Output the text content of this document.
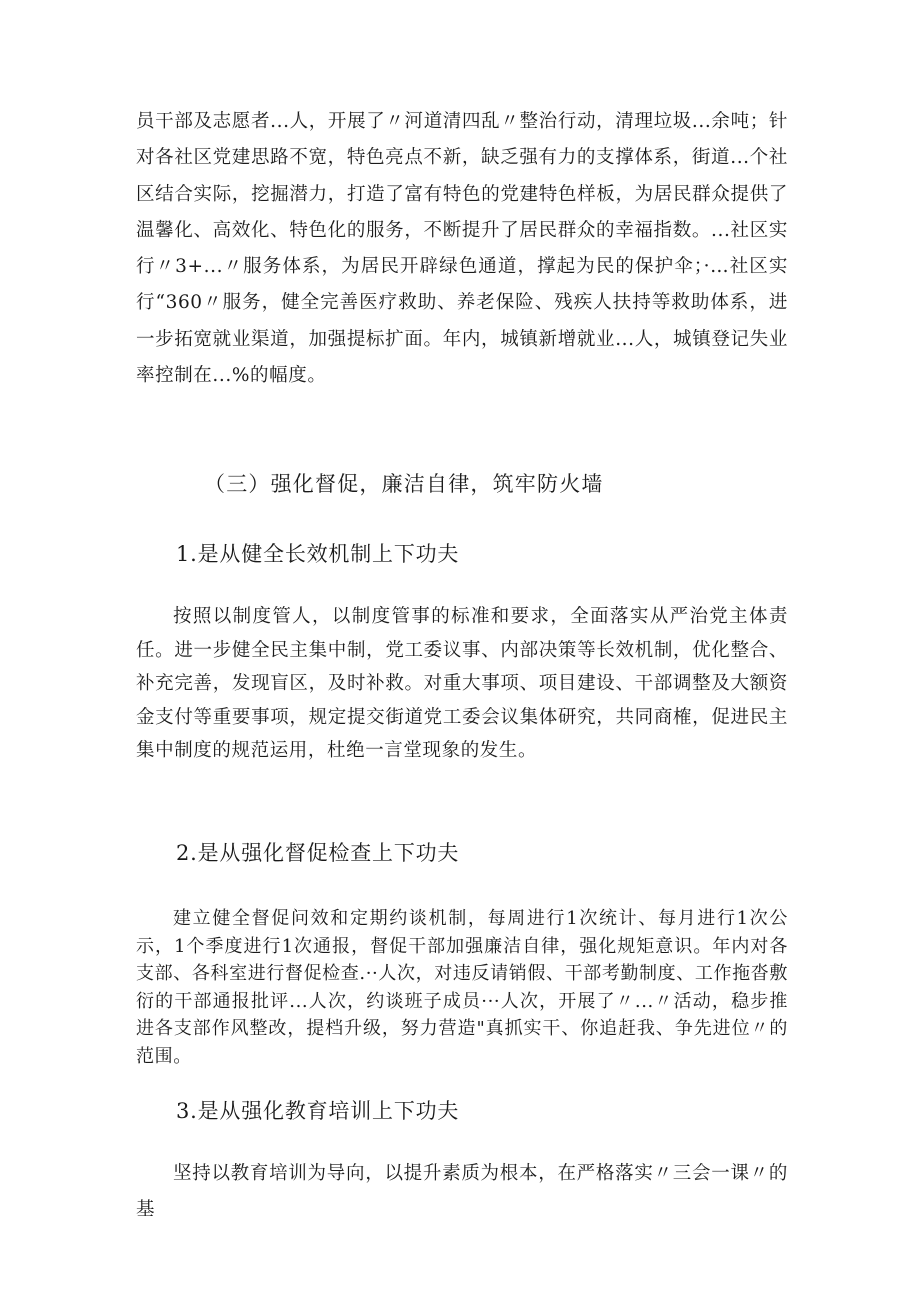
员干部及志愿者...人，开展了〃河道清四乱〃整治行动，清理垃圾...余吨；针对各社区党建思路不宽，特色亮点不新，缺乏强有力的支撑体系，街道...个社区结合实际，挖掘潜力，打造了富有特色的党建特色样板，为居民群众提供了温馨化、高效化、特色化的服务，不断提升了居民群众的幸福指数。...社区实行〃3+...〃服务体系，为居民开辟绿色通道，撑起为民的保护伞；·…社区实行“360〃服务，健全完善医疗救助、养老保险、残疾人扶持等救助体系，进一步拓宽就业渠道，加强提标扩面。年内，城镇新增就业...人，城镇登记失业率控制在...%的幅度。

（三）强化督促，廉洁自律，筑牢防火墙
1.是从健全长效机制上下功夫

按照以制度管人，以制度管事的标准和要求，全面落实从严治党主体责任。进一步健全民主集中制，党工委议事、内部决策等长效机制，优化整合、补充完善，发现盲区，及时补救。对重大事项、项目建设、干部调整及大额资金支付等重要事项，规定提交街道党工委会议集体研究，共同商榷，促进民主集中制度的规范运用，杜绝一言堂现象的发生。

2.是从强化督促检查上下功夫

建立健全督促问效和定期约谈机制，每周进行1次统计、每月进行1次公示，1个季度进行1次通报，督促干部加强廉洁自律，强化规矩意识。年内对各支部、各科室进行督促检查.··人次，对违反请销假、干部考勤制度、工作拖沓敷衍的干部通报批评...人次，约谈班子成员···人次，开展了〃...〃活动，稳步推进各支部作风整改，提档升级，努力营造"真抓实干、你追赶我、争先进位〃的范围。

3.是从强化教育培训上下功夫

坚持以教育培训为导向，以提升素质为根本，在严格落实〃三会一课〃的基
